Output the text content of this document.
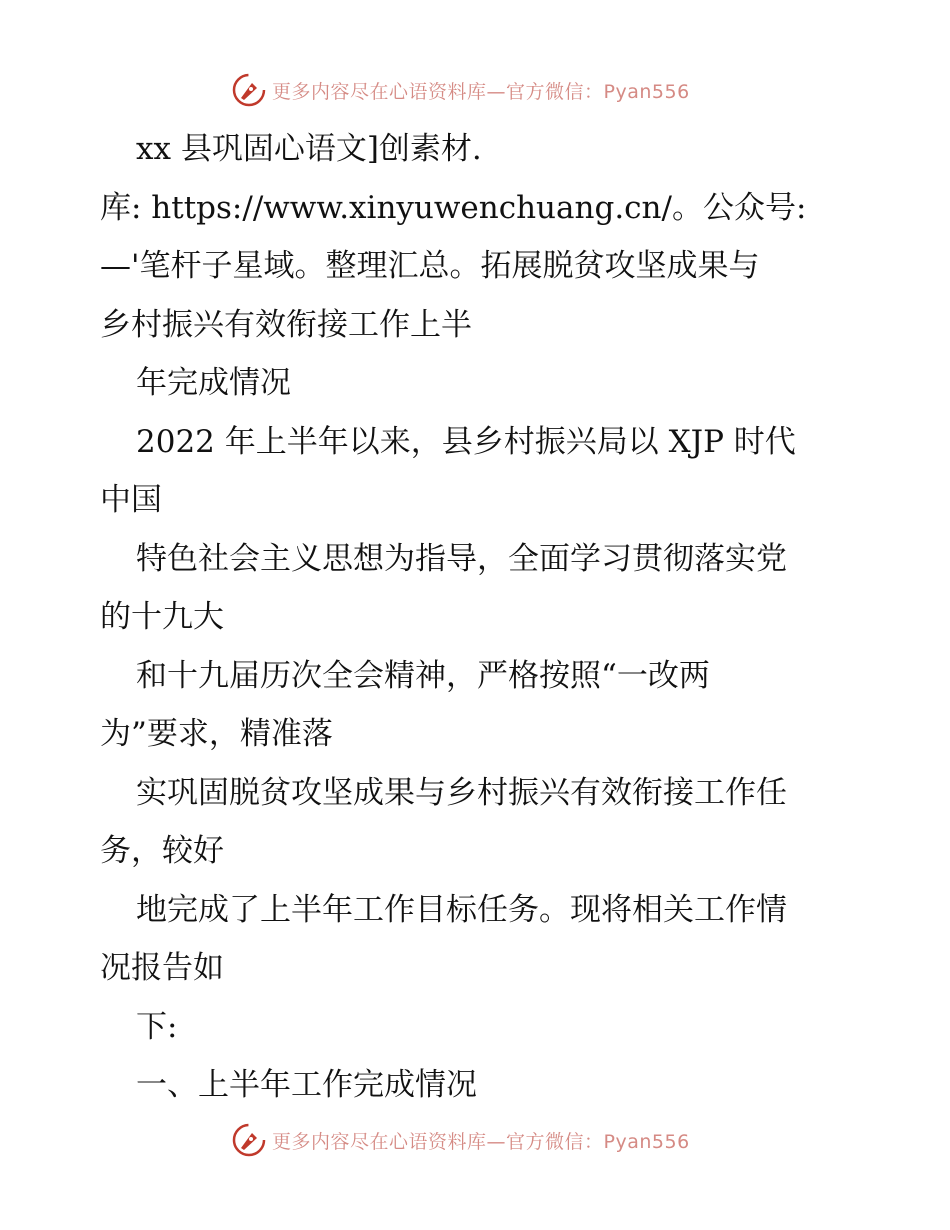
更多内容尽在心语资料库—官方微信：Pyan556
xx 县巩固心语文]创素材.
库: https://www.xinyuwenchuang.cn/。公众号:
—'笔杆子星域。整理汇总。拓展脱贫攻坚成果与
乡村振兴有效衔接工作上半
年完成情况
2022 年上半年以来，县乡村振兴局以 XJP 时代
中国
特色社会主义思想为指导，全面学习贯彻落实党
的十九大
和十九届历次全会精神，严格按照“一改两
为”要求，精准落
实巩固脱贫攻坚成果与乡村振兴有效衔接工作任
务，较好
地完成了上半年工作目标任务。现将相关工作情
况报告如
下:
一、上半年工作完成情况
更多内容尽在心语资料库—官方微信：Pyan556
